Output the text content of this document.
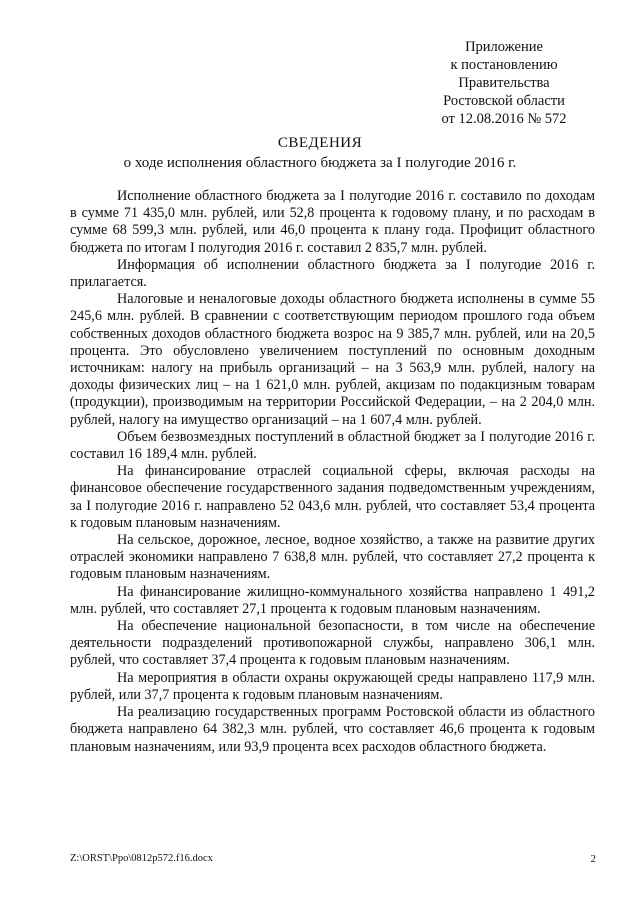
Приложение
к постановлению
Правительства
Ростовской области
от 12.08.2016 № 572
СВЕДЕНИЯ
о ходе исполнения областного бюджета за I полугодие 2016 г.

Исполнение областного бюджета за I полугодие 2016 г. составило по доходам в сумме 71 435,0 млн. рублей, или 52,8 процента к годовому плану, и по расходам в сумме 68 599,3 млн. рублей, или 46,0 процента к плану года. Профицит областного бюджета по итогам I полугодия 2016 г. составил 2 835,7 млн. рублей.

Информация об исполнении областного бюджета за I полугодие 2016 г. прилагается.

Налоговые и неналоговые доходы областного бюджета исполнены в сумме 55 245,6 млн. рублей. В сравнении с соответствующим периодом прошлого года объем собственных доходов областного бюджета возрос на 9 385,7 млн. рублей, или на 20,5 процента. Это обусловлено увеличением поступлений по основным доходным источникам: налогу на прибыль организаций – на 3 563,9 млн. рублей, налогу на доходы физических лиц – на 1 621,0 млн. рублей, акцизам по подакцизным товарам (продукции), производимым на территории Российской Федерации, – на 2 204,0 млн. рублей, налогу на имущество организаций – на 1 607,4 млн. рублей.

Объем безвозмездных поступлений в областной бюджет за I полугодие 2016 г. составил 16 189,4 млн. рублей.

На финансирование отраслей социальной сферы, включая расходы на финансовое обеспечение государственного задания подведомственным учреждениям, за I полугодие 2016 г. направлено 52 043,6 млн. рублей, что составляет 53,4 процента к годовым плановым назначениям.

На сельское, дорожное, лесное, водное хозяйство, а также на развитие других отраслей экономики направлено 7 638,8 млн. рублей, что составляет 27,2 процента к годовым плановым назначениям.

На финансирование жилищно-коммунального хозяйства направлено 1 491,2 млн. рублей, что составляет 27,1 процента к годовым плановым назначениям.

На обеспечение национальной безопасности, в том числе на обеспечение деятельности подразделений противопожарной службы, направлено 306,1 млн. рублей, что составляет 37,4 процента к годовым плановым назначениям.

На мероприятия в области охраны окружающей среды направлено 117,9 млн. рублей, или 37,7 процента к годовым плановым назначениям.

На реализацию государственных программ Ростовской области из областного бюджета направлено 64 382,3 млн. рублей, что составляет 46,6 процента к годовым плановым назначениям, или 93,9 процента всех расходов областного бюджета.

Z:\ORST\Ppo\0812p572.f16.docx	2
